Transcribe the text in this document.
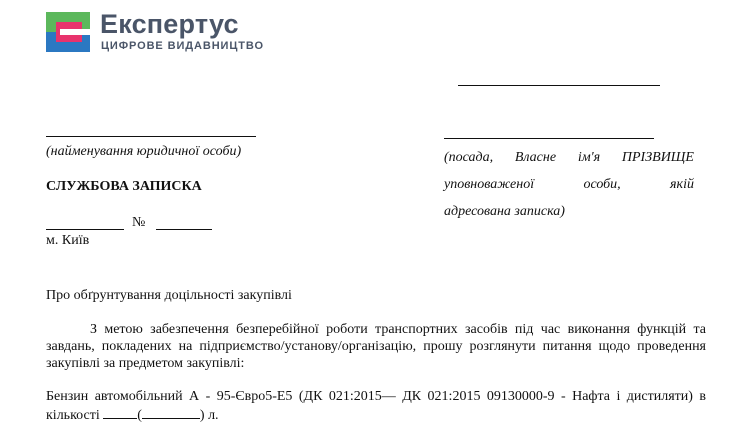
Експертус
ЦИФРОВЕ ВИДАВНИЦТВО
(найменування юридичної особи)
СЛУЖБОВА ЗАПИСКА
№
м. Київ
(посада, Власне ім'я ПРІЗВИЩЕ
уповноваженої	особи,	якій
адресована записка)
Про обґрунтування доцільності закупівлі
З метою забезпечення безперебійної роботи транспортних засобів під час виконання функцій та завдань, покладених на підприємство/установу/організацію, прошу розглянути питання щодо проведення закупівлі за предметом закупівлі:
Бензин автомобільний А - 95-Євро5-Е5 (ДК 021:2015— ДК 021:2015 09130000-9 - Нафта і дистиляти) в кількості	(	) л.
